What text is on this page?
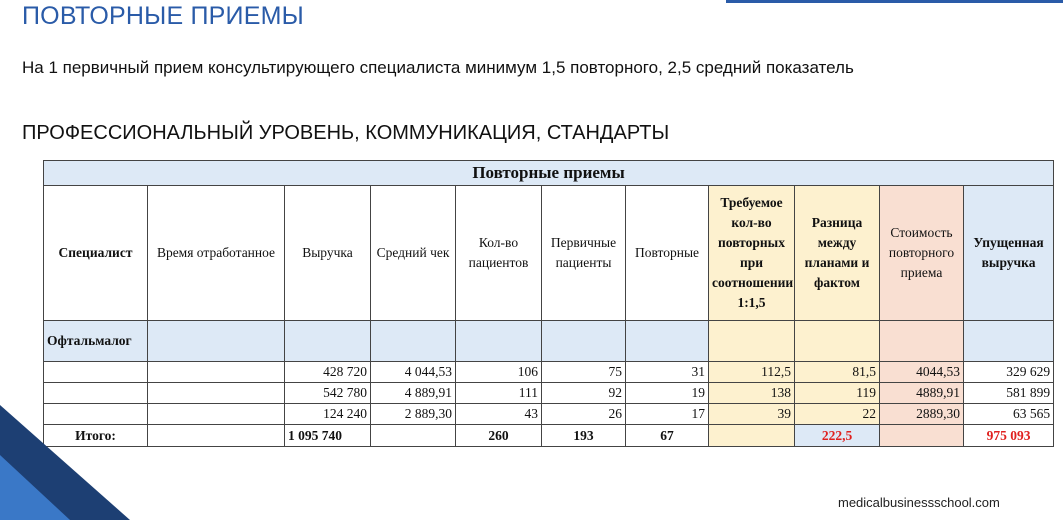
ПОВТОРНЫЕ ПРИЕМЫ
На 1 первичный прием консультирующего специалиста минимум 1,5 повторного, 2,5 средний показатель
ПРОФЕССИОНАЛЬНЫЙ УРОВЕНЬ, КОММУНИКАЦИЯ, СТАНДАРТЫ
Повторные приемы										
Специалист	Время отработанное	Выручка	Средний чек	Кол-во пациентов	Первичные пациенты	Повторные	Требуемое кол-во повторных при соотношении 1:1,5	Разница между планами и фактом	Стоимость повторного приема	Упущенная выручка
Офтальмалог										
		428 720	4 044,53	106	75	31	112,5	81,5	4044,53	329 629
		542 780	4 889,91	111	92	19	138	119	4889,91	581 899
		124 240	2 889,30	43	26	17	39	22	2889,30	63 565
Итого:		1 095 740		260	193	67		222,5		975 093
medicalbusinessschool.com
